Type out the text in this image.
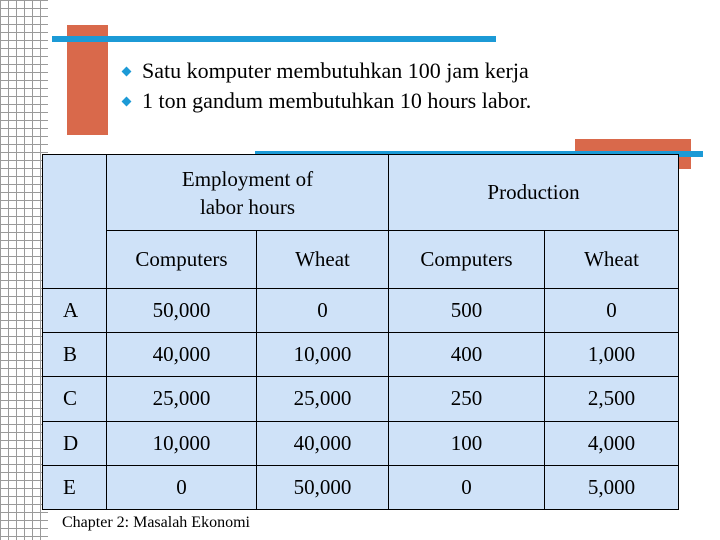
Satu komputer membutuhkan 100 jam kerja
1 ton gandum membutuhkan 10 hours labor.

	Employment of labor hours		Production	
	Computers	Wheat	Computers	Wheat
A	50,000	0	500	0
B	40,000	10,000	400	1,000
C	25,000	25,000	250	2,500
D	10,000	40,000	100	4,000
E	0	50,000	0	5,000
Chapter 2: Masalah Ekonomi
